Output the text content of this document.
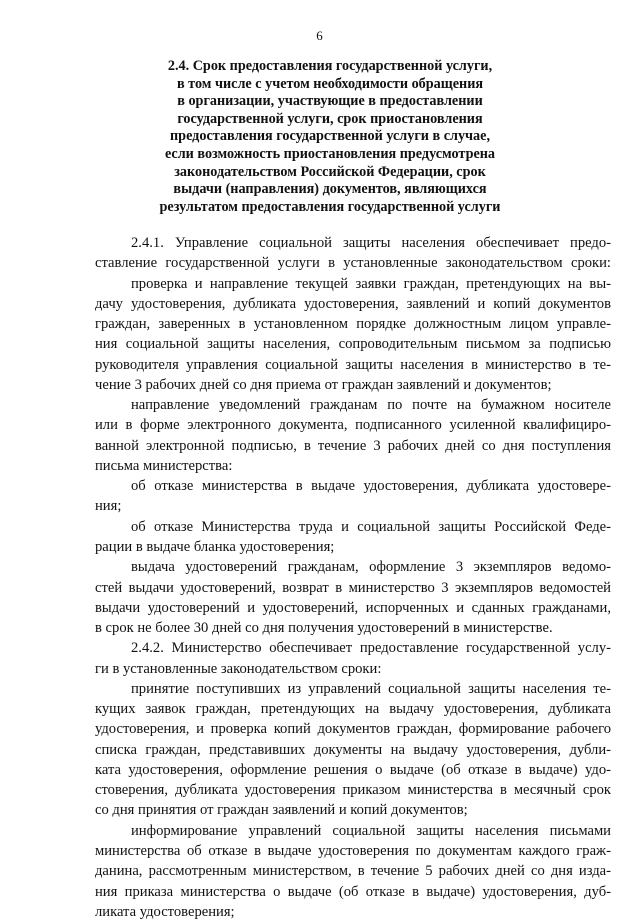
6
2.4. Срок предоставления государственной услуги,
в том числе с учетом необходимости обращения
в организации, участвующие в предоставлении
государственной услуги, срок приостановления
предоставления государственной услуги в случае,
если возможность приостановления предусмотрена
законодательством Российской Федерации, срок
выдачи (направления) документов, являющихся
результатом предоставления государственной услуги
2.4.1. Управление социальной защиты населения обеспечивает предо-
ставление государственной услуги в установленные законодательством сроки:
проверка и направление текущей заявки граждан, претендующих на вы-
дачу удостоверения, дубликата удостоверения, заявлений и копий документов
граждан, заверенных в установленном порядке должностным лицом управле-
ния социальной защиты населения, сопроводительным письмом за подписью
руководителя управления социальной защиты населения в министерство в те-
чение 3 рабочих дней со дня приема от граждан заявлений и документов;
направление уведомлений гражданам по почте на бумажном носителе
или в форме электронного документа, подписанного усиленной квалифициро-
ванной электронной подписью, в течение 3 рабочих дней со дня поступления
письма министерства:
об отказе министерства в выдаче удостоверения, дубликата удостовере-
ния;
об отказе Министерства труда и социальной защиты Российской Феде-
рации в выдаче бланка удостоверения;
выдача удостоверений гражданам, оформление 3 экземпляров ведомо-
стей выдачи удостоверений, возврат в министерство 3 экземпляров ведомостей
выдачи удостоверений и удостоверений, испорченных и сданных гражданами,
в срок не более 30 дней со дня получения удостоверений в министерстве.
2.4.2. Министерство обеспечивает предоставление государственной услу-
ги в установленные законодательством сроки:
принятие поступивших из управлений социальной защиты населения те-
кущих заявок граждан, претендующих на выдачу удостоверения, дубликата
удостоверения, и проверка копий документов граждан, формирование рабочего
списка граждан, представивших документы на выдачу удостоверения, дубли-
ката удостоверения, оформление решения о выдаче (об отказе в выдаче) удо-
стоверения, дубликата удостоверения приказом министерства в месячный срок
со дня принятия от граждан заявлений и копий документов;
информирование управлений социальной защиты населения письмами
министерства об отказе в выдаче удостоверения по документам каждого граж-
данина, рассмотренным министерством, в течение 5 рабочих дней со дня изда-
ния приказа министерства о выдаче (об отказе в выдаче) удостоверения, дуб-
ликата удостоверения;
